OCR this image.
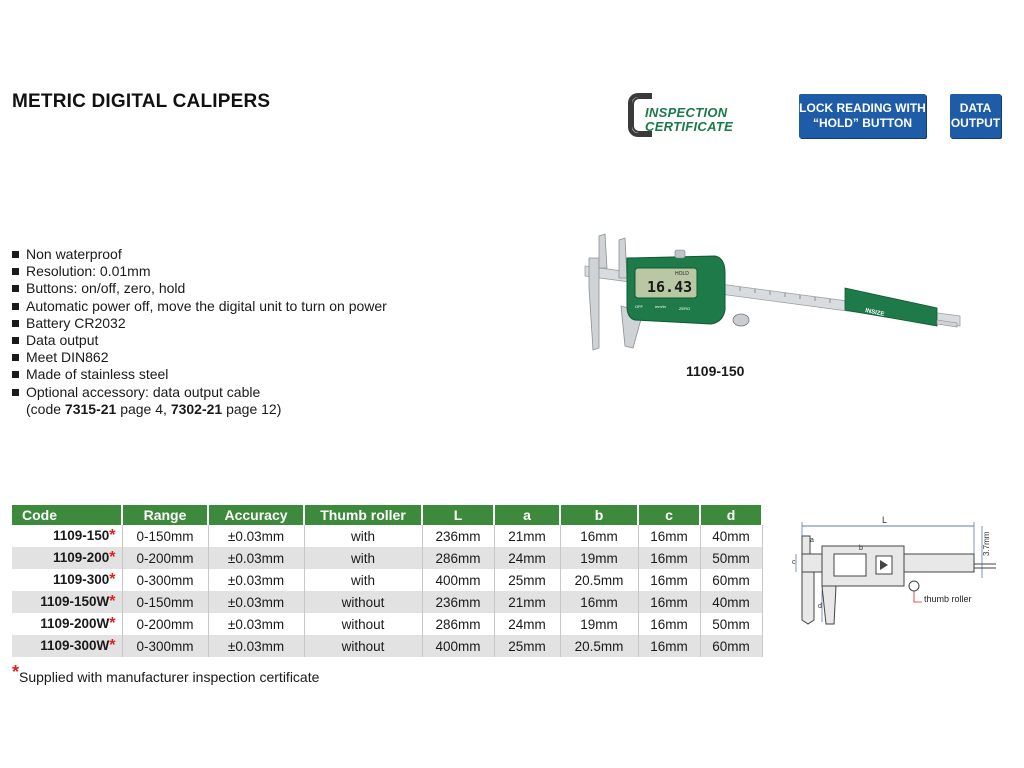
METRIC DIGITAL CALIPERS
INSPECTION
CERTIFICATE
LOCK READING WITH
“HOLD” BUTTON
DATA
OUTPUT
Non waterproof
Resolution: 0.01mm
Buttons: on/off, zero, hold
Automatic power off, move the digital unit to turn on power
Battery CR2032
Data output
Meet DIN862
Made of stainless steel
Optional accessory: data output cable
(code 7315-21 page 4, 7302-21 page 12)
INSIZE
HOLD
16.43
OFF	mm/in	ZERO
1109-150
Code	Range	Accuracy	Thumb roller	L	a	b	c	d
1109-150*	0-150mm	±0.03mm	with	236mm	21mm	16mm	16mm	40mm
1109-200*	0-200mm	±0.03mm	with	286mm	24mm	19mm	16mm	50mm
1109-300*	0-300mm	±0.03mm	with	400mm	25mm	20.5mm	16mm	60mm
1109-150W*	0-150mm	±0.03mm	without	236mm	21mm	16mm	16mm	40mm
1109-200W*	0-200mm	±0.03mm	without	286mm	24mm	19mm	16mm	50mm
1109-300W*	0-300mm	±0.03mm	without	400mm	25mm	20.5mm	16mm	60mm
*Supplied with manufacturer inspection certificate
L
thumb roller
3.7mm
a
b
c
d
